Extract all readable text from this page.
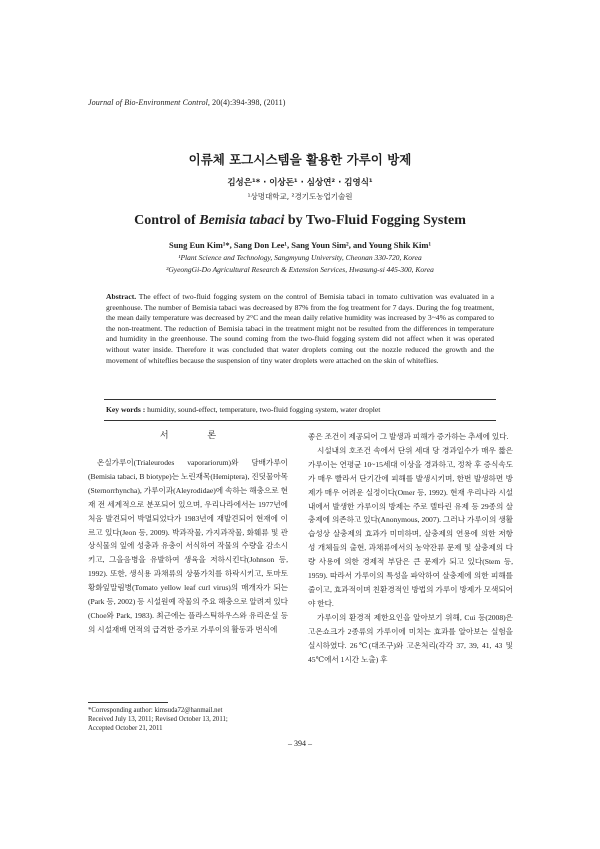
Journal of Bio-Environment Control, 20(4):394-398, (2011)
이류체 포그시스템을 활용한 가루이 방제
김성은¹* · 이상돈¹ · 심상연² · 김영식¹
¹상명대학교, ²경기도농업기술원
Control of Bemisia tabaci by Two-Fluid Fogging System
Sung Eun Kim¹*, Sang Don Lee¹, Sang Youn Sim², and Young Shik Kim¹
¹Plant Science and Technology, Sangmyung University, Cheonan 330-720, Korea
²GyeongGi-Do Agricultural Research & Extension Services, Hwasung-si 445-300, Korea
Abstract. The effect of two-fluid fogging system on the control of Bemisia tabaci in tomato cultivation was evaluated in a greenhouse. The number of Bemisia tabaci was decreased by 87% from the fog treatment for 7 days. During the fog treatment, the mean daily temperature was decreased by 2°C and the mean daily relative humidity was increased by 3~4% as compared to the non-treatment. The reduction of Bemisia tabaci in the treatment might not be resulted from the differences in temperature and humidity in the greenhouse. The sound coming from the two-fluid fogging system did not affect when it was operated without water inside. Therefore it was concluded that water droplets coming out the nozzle reduced the growth and the movement of whiteflies because the suspension of tiny water droplets were attached on the skin of whiteflies.
Key words : humidity, sound-effect, temperature, two-fluid fogging system, water droplet
서 론

온실가루이(Trialeurodes vaporariorum)와 담배가루이(Bemisia tabaci, B biotype)는 노린재목(Hemiptera), 진딧물아목(Sternorrhyncha), 가루이과(Aleyrodidae)에 속하는 해충으로 현재 전 세계적으로 분포되어 있으며, 우리나라에서는 1977년에 처음 발견되어 박멸되었다가 1983년에 재발견되어 현재에 이르고 있다(Jeon 등, 2009). 박과작물, 가지과작물, 화훼류 및 관상식물의 잎에 성충과 유충이 서식하여 작물의 수량을 감소시키고, 그을음병을 유발하여 생육을 저하시킨다(Johnson 등, 1992). 또한, 생식용 과채류의 상품가치를 하락시키고, 토마토황화잎말림병(Tomato yellow leaf curl virus)의 매개자가 되는(Park 등, 2002) 등 시설원예 작물의 주요 해충으로 알려져 있다(Choe와 Park, 1983). 최근에는 플라스틱하우스와 유리온실 등의 시설재배 면적의 급격한 증가로 가루이의 활동과 번식에

좋은 조건이 제공되어 그 발생과 피해가 증가하는 추세에 있다.

시설내의 호조건 속에서 단위 세대 당 경과일수가 매우 짧은 가루이는 연평균 10~15세대 이상을 경과하고, 정착 후 증식속도가 매우 빨라서 단기간에 피해를 발생시키며, 한번 발생하면 방제가 매우 어려운 실정이다(Omer 등, 1992). 현재 우리나라 시설 내에서 발생한 가루이의 방제는 주로 델타린 유제 등 29종의 살충제에 의존하고 있다(Anonymous, 2007). 그러나 가루이의 생활습성상 살충제의 효과가 미미하며, 살충제의 연용에 의한 저항성 개체들의 출현, 과채류에서의 농약잔류 문제 및 살충제의 다량 사용에 의한 경제적 부담은 큰 문제가 되고 있다(Stem 등, 1959). 따라서 가루이의 특성을 파악하여 살충제에 의한 피해를 줄이고, 효과적이며 친환경적인 방법의 가루이 방제가 모색되어야 한다.

가루이의 환경적 제한요인을 알아보기 위해, Cui 등(2008)은 고온쇼크가 2종류의 가루이에 미치는 효과를 알아보는 실험을 실시하였다. 26℃(대조구)와 고온처리(각각 37, 39, 41, 43 및 45℃에서 1시간 노출) 후

*Corresponding author: kimsuda72@hanmail.net
Received July 13, 2011; Revised October 13, 2011;
Accepted October 21, 2011
– 394 –
